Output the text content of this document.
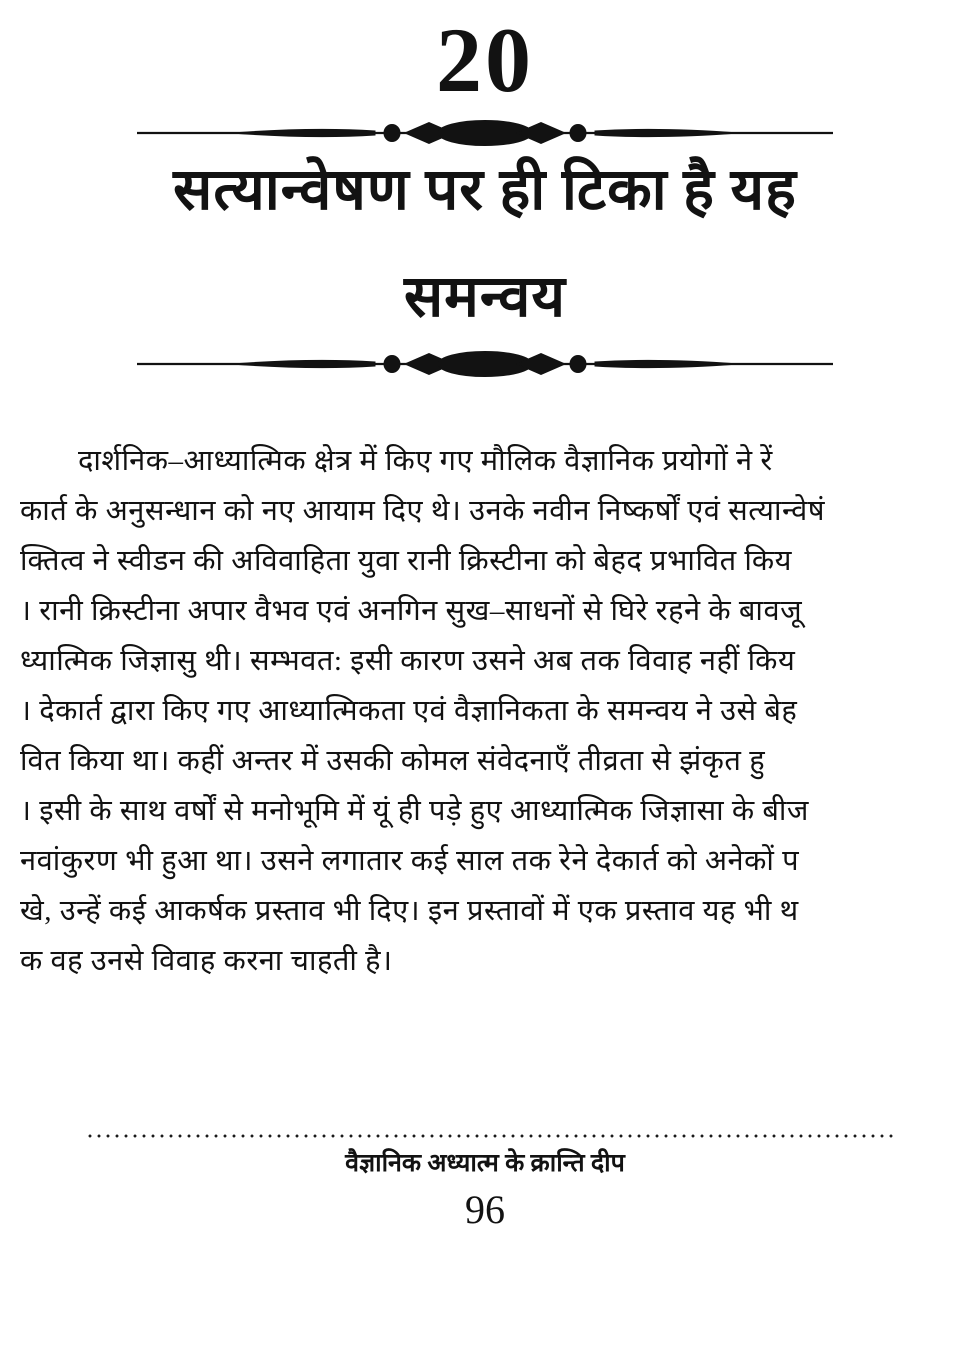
20
सत्यान्वेषण पर ही टिका है यह
समन्वय
दार्शनिक–आध्यात्मिक क्षेत्र में किए गए मौलिक वैज्ञानिक प्रयोगों ने रें
कार्त के अनुसन्धान को नए आयाम दिए थे। उनके नवीन निष्कर्षों एवं सत्यान्वेषं
क्तित्व ने स्वीडन की अविवाहिता युवा रानी क्रिस्टीना को बेहद प्रभावित किय
। रानी क्रिस्टीना अपार वैभव एवं अनगिन सुख–साधनों से घिरे रहने के बावजू
ध्यात्मिक जिज्ञासु थी। सम्भवत: इसी कारण उसने अब तक विवाह नहीं किय
। देकार्त द्वारा किए गए आध्यात्मिकता एवं वैज्ञानिकता के समन्वय ने उसे बेह
वित किया था। कहीं अन्तर में उसकी कोमल संवेदनाएँ तीव्रता से झंकृत हु
। इसी के साथ वर्षों से मनोभूमि में यूं ही पड़े हुए आध्यात्मिक जिज्ञासा के बीज
नवांकुरण भी हुआ था। उसने लगातार कई साल तक रेने देकार्त को अनेकों प
खे, उन्हें कई आकर्षक प्रस्ताव भी दिए। इन प्रस्तावों में एक प्रस्ताव यह भी थ
क वह उनसे विवाह करना चाहती है।
वैज्ञानिक अध्यात्म के क्रान्ति दीप
96
